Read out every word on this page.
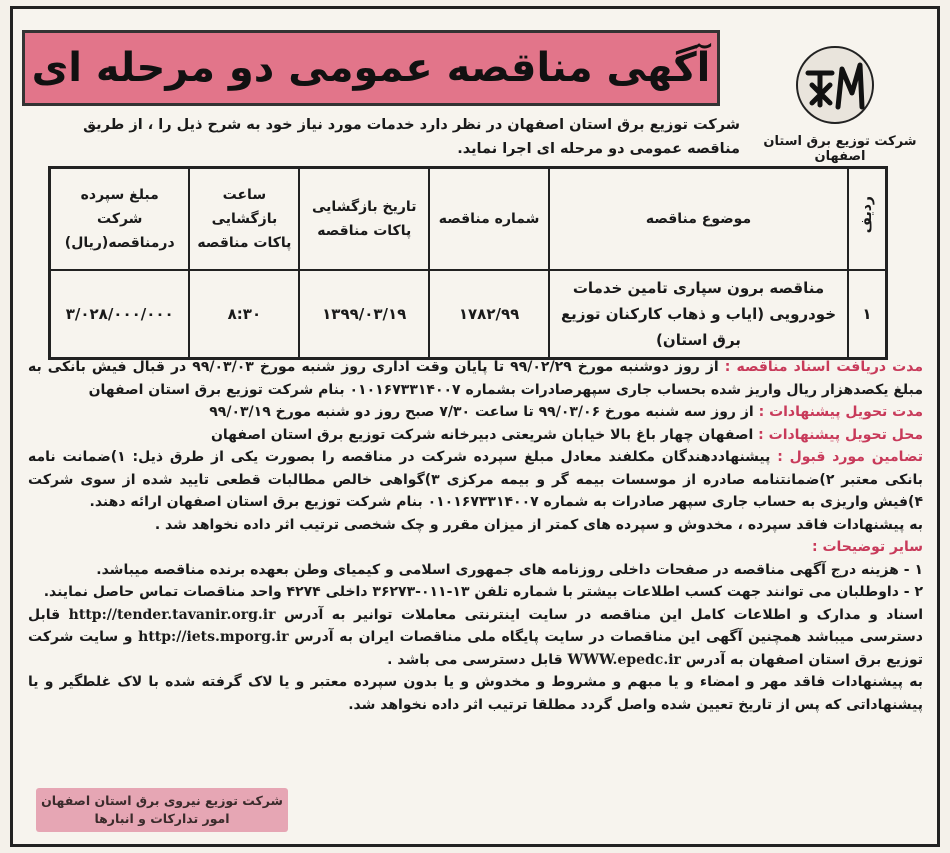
آگهی مناقصه عمومی دو مرحله ای
شرکت توزیع برق استان اصفهان
شرکت توزیع برق استان اصفهان در نظر دارد خدمات مورد نیاز خود به شرح ذیل را ، از طریق مناقصه عمومی دو مرحله ای اجرا نماید.
ردیف	موضوع مناقصه	شماره مناقصه	تاریخ بازگشایی پاکات مناقصه	ساعت بازگشایی پاکات مناقصه	مبلغ سپرده شرکت درمناقصه(ریال)
۱	مناقصه برون سپاری تامین خدمات خودرویی (ایاب و ذهاب کارکنان توزیع برق استان)	۱۷۸۲/۹۹	۱۳۹۹/۰۳/۱۹	۸:۳۰	۳/۰۲۸/۰۰۰/۰۰۰

مدت دریافت اسناد مناقصه : از روز دوشنبه مورخ ۹۹/۰۲/۲۹ تا پایان وقت اداری روز شنبه مورخ ۹۹/۰۳/۰۳ در قبال فیش بانکی به مبلغ یکصدهزار ریال واریز شده بحساب جاری سپهرصادرات بشماره ۰۱۰۱۶۷۳۳۱۴۰۰۷ بنام شرکت توزیع برق استان اصفهان

مدت تحویل پیشنهادات : از روز سه شنبه مورخ ۹۹/۰۳/۰۶ تا ساعت ۷/۳۰ صبح روز دو شنبه مورخ ۹۹/۰۳/۱۹

محل تحویل پیشنهادات : اصفهان چهار باغ بالا خیابان شریعتی دبیرخانه شرکت توزیع برق استان اصفهان

تضامین مورد قبول : پیشنهاددهندگان مکلفند معادل مبلغ سپرده شرکت در مناقصه را بصورت یکی از طرق ذیل: ۱)ضمانت نامه بانکی معتبر ۲)ضمانتنامه صادره از موسسات بیمه گر و بیمه مرکزی ۳)گواهی خالص مطالبات قطعی تایید شده از سوی شرکت ۴)فیش واریزی به حساب جاری سپهر صادرات به شماره ۰۱۰۱۶۷۳۳۱۴۰۰۷ بنام شرکت توزیع برق استان اصفهان ارائه دهند.

به پیشنهادات فاقد سپرده ، مخدوش و سپرده های کمتر از میزان مقرر و چک شخصی ترتیب اثر داده نخواهد شد .

سایر توضیحات :

۱ - هزینه درج آگهی مناقصه در صفحات داخلی روزنامه های جمهوری اسلامی و کیمیای وطن بعهده برنده مناقصه میباشد.

۲ - داوطلبان می توانند جهت کسب اطلاعات بیشتر با شماره تلفن ۱۳-۰۱۱-۳۶۲۷۳ داخلی ۴۲۷۴ واحد مناقصات تماس حاصل نمایند.

اسناد و مدارک و اطلاعات کامل این مناقصه در سایت اینترنتی معاملات توانیر به آدرس http://tender.tavanir.org.ir قابل دسترسی میباشد همچنین آگهی این مناقصات در سایت پایگاه ملی مناقصات ایران به آدرس http://iets.mporg.ir و سایت شرکت توزیع برق استان اصفهان به آدرس WWW.epedc.ir قابل دسترسی می باشد .

به پیشنهادات فاقد مهر و امضاء و یا مبهم و مشروط و مخدوش و یا بدون سپرده معتبر و یا لاک گرفته شده با لاک غلطگیر و یا پیشنهاداتی که پس از تاریخ تعیین شده واصل گردد مطلقا ترتیب اثر داده نخواهد شد.

شرکت توزیع نیروی برق استان اصفهان
امور تدارکات و انبارها
